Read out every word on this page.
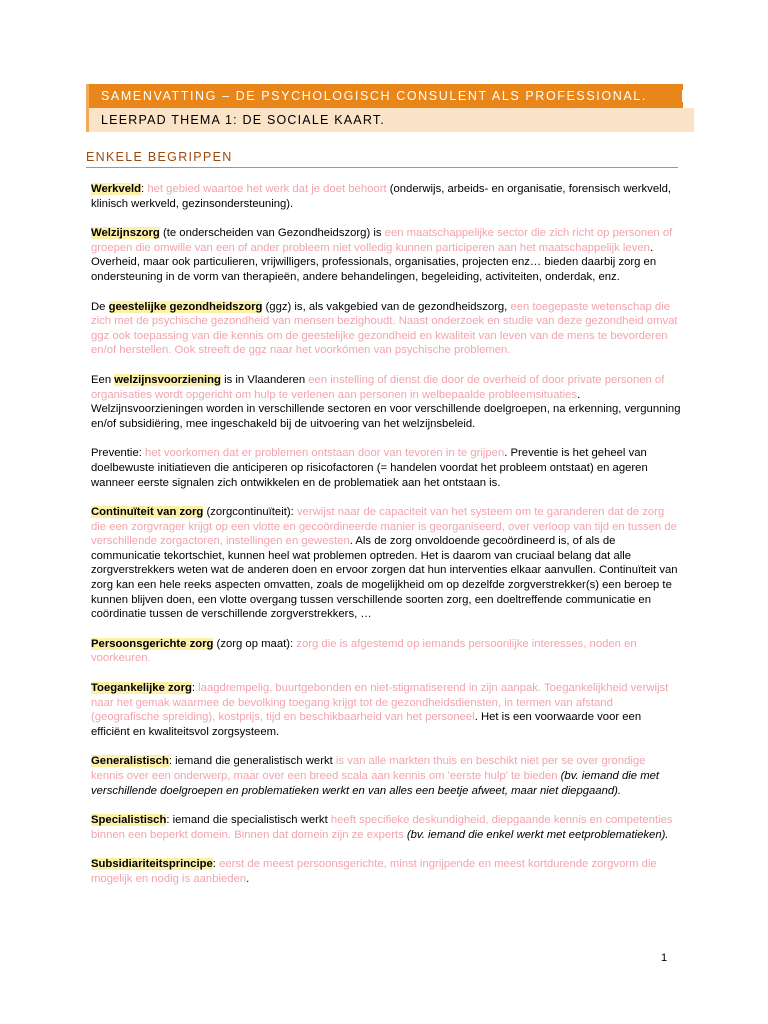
SAMENVATTING – DE PSYCHOLOGISCH CONSULENT ALS PROFESSIONAL.
LEERPAD THEMA 1: DE SOCIALE KAART.
ENKELE BEGRIPPEN

Werkveld: het gebied waartoe het werk dat je doet behoort (onderwijs, arbeids- en organisatie, forensisch werkveld, klinisch werkveld, gezinsondersteuning).

Welzijnszorg (te onderscheiden van Gezondheidszorg) is een maatschappelijke sector die zich richt op personen of groepen die omwille van een of ander probleem niet volledig kunnen participeren aan het maatschappelijk leven. Overheid, maar ook particulieren, vrijwilligers, professionals, organisaties, projecten enz… bieden daarbij zorg en ondersteuning in de vorm van therapieën, andere behandelingen, begeleiding, activiteiten, onderdak, enz.

De geestelijke gezondheidszorg (ggz) is, als vakgebied van de gezondheidszorg, een toegepaste wetenschap die zich met de psychische gezondheid van mensen bezighoudt. Naast onderzoek en studie van deze gezondheid omvat ggz ook toepassing van die kennis om de geestelijke gezondheid en kwaliteit van leven van de mens te bevorderen en/of herstellen. Ook streeft de ggz naar het voorkómen van psychische problemen.

Een welzijnsvoorziening is in Vlaanderen een instelling of dienst die door de overheid of door private personen of organisaties wordt opgericht om hulp te verlenen aan personen in welbepaalde probleemsituaties. Welzijnsvoorzieningen worden in verschillende sectoren en voor verschillende doelgroepen, na erkenning, vergunning en/of subsidiëring, mee ingeschakeld bij de uitvoering van het welzijnsbeleid.

Preventie: het voorkomen dat er problemen ontstaan door van tevoren in te grijpen. Preventie is het geheel van doelbewuste initiatieven die anticiperen op risicofactoren (= handelen voordat het probleem ontstaat) en ageren wanneer eerste signalen zich ontwikkelen en de problematiek aan het ontstaan is.

Continuïteit van zorg (zorgcontinuïteit): verwijst naar de capaciteit van het systeem om te garanderen dat de zorg die een zorgvrager krijgt op een vlotte en gecoördineerde manier is georganiseerd, over verloop van tijd en tussen de verschillende zorgactoren, instellingen en gewesten. Als de zorg onvoldoende gecoördineerd is, of als de communicatie tekortschiet, kunnen heel wat problemen optreden. Het is daarom van cruciaal belang dat alle zorgverstrekkers weten wat de anderen doen en ervoor zorgen dat hun interventies elkaar aanvullen. Continuïteit van zorg kan een hele reeks aspecten omvatten, zoals de mogelijkheid om op dezelfde zorgverstrekker(s) een beroep te kunnen blijven doen, een vlotte overgang tussen verschillende soorten zorg, een doeltreffende communicatie en coördinatie tussen de verschillende zorgverstrekkers, …

Persoonsgerichte zorg (zorg op maat): zorg die is afgestemd op iemands persoonlijke interesses, noden en voorkeuren.

Toegankelijke zorg: laagdrempelig, buurtgebonden en niet-stigmatiserend in zijn aanpak. Toegankelijkheid verwijst naar het gemak waarmee de bevolking toegang krijgt tot de gezondheidsdiensten, in termen van afstand (geografische spreiding), kostprijs, tijd en beschikbaarheid van het personeel. Het is een voorwaarde voor een efficiënt en kwaliteitsvol zorgsysteem.

Generalistisch: iemand die generalistisch werkt is van alle markten thuis en beschikt niet per se over grondige kennis over een onderwerp, maar over een breed scala aan kennis om 'eerste hulp' te bieden (bv. iemand die met verschillende doelgroepen en problematieken werkt en van alles een beetje afweet, maar niet diepgaand).

Specialistisch: iemand die specialistisch werkt heeft specifieke deskundigheid, diepgaande kennis en competenties binnen een beperkt domein. Binnen dat domein zijn ze experts (bv. iemand die enkel werkt met eetproblematieken).

Subsidiariteitsprincipe: eerst de meest persoonsgerichte, minst ingrijpende en meest kortdurende zorgvorm die mogelijk en nodig is aanbieden.

1
